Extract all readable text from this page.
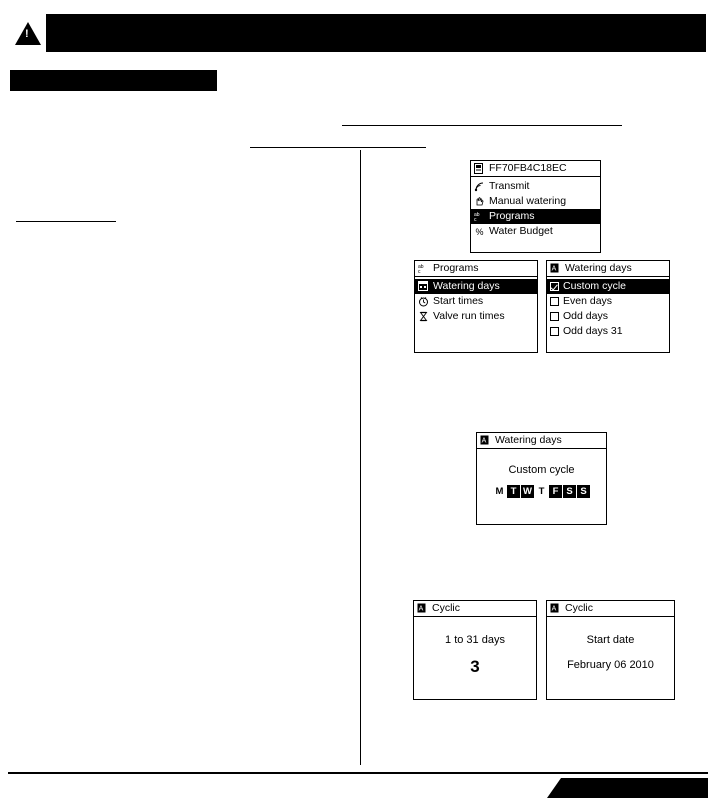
!
FF70FB4C18EC
Transmit
Manual watering
ab
c Programs
% Water Budget
ab
c Programs
Watering days
Start times
Valve run times
A Watering days
Custom cycle
Even days
Odd days
Odd days 31
A Watering days
Custom cycle
M T W T F S S
A Cyclic
1 to 31 days
3
A Cyclic
Start date
February 06 2010
